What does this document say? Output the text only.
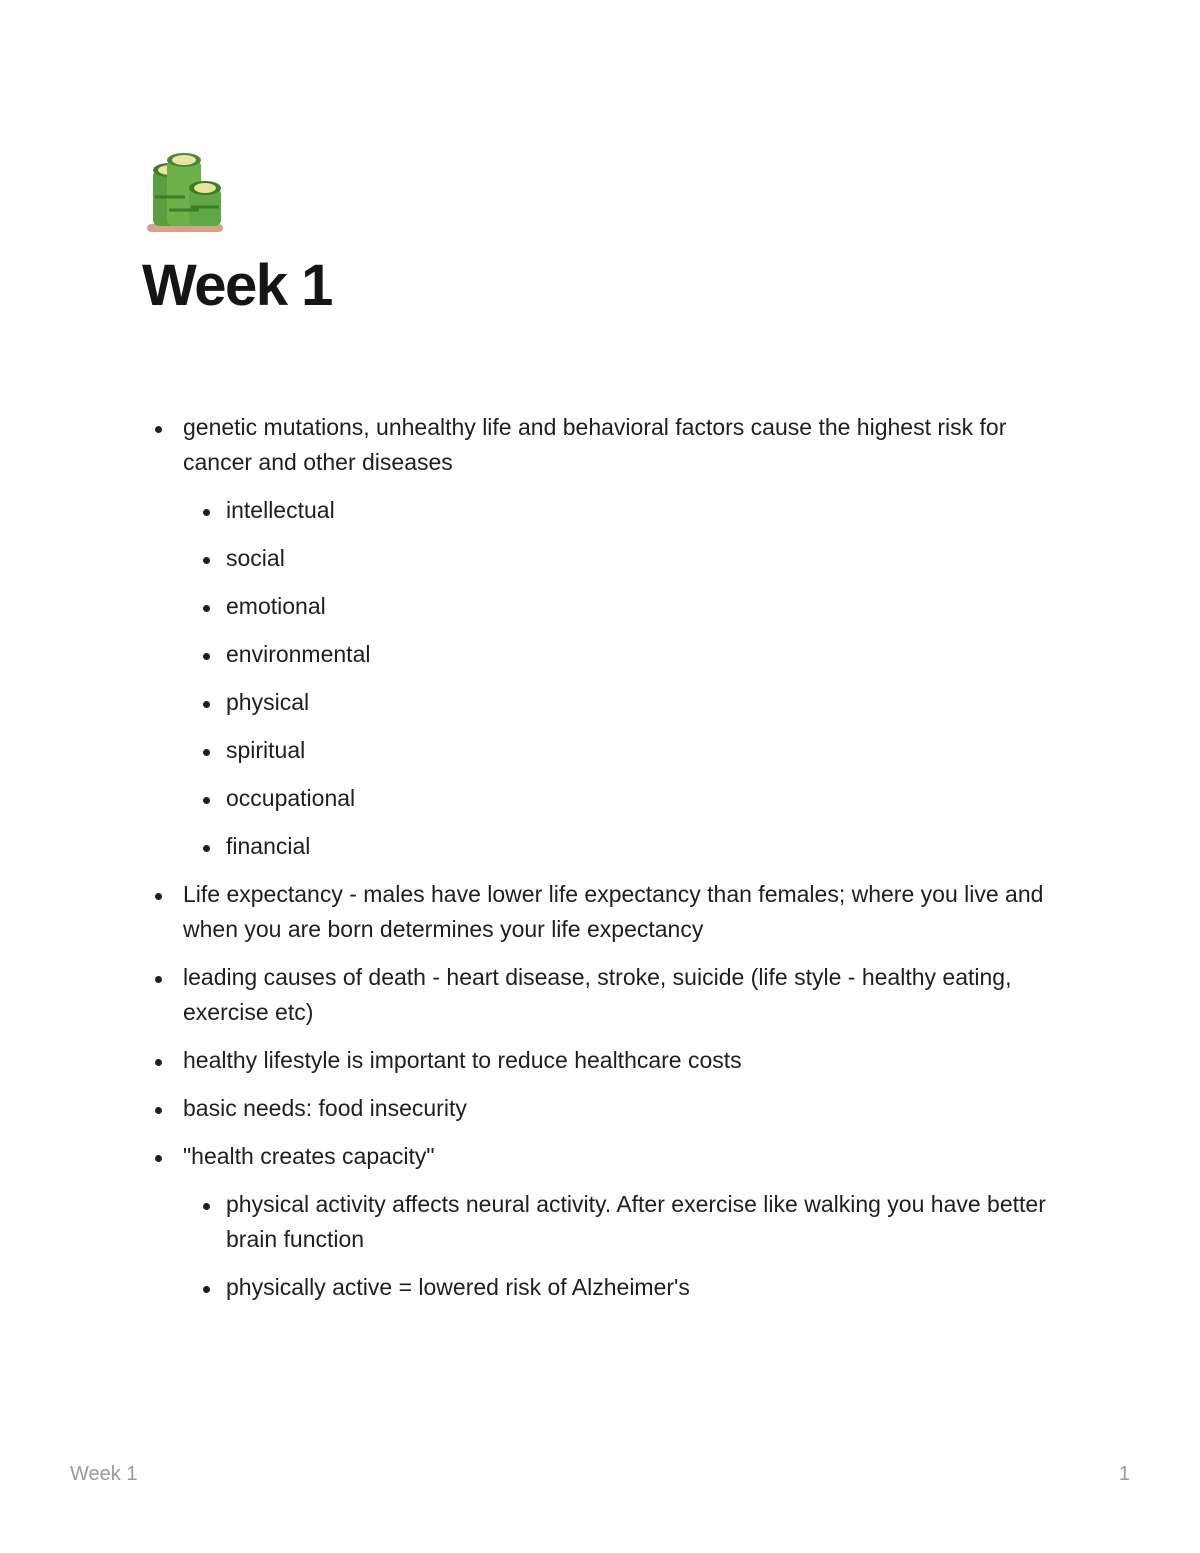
Week 1
genetic mutations, unhealthy life and behavioral factors cause the highest risk for cancer and other diseases
intellectual
social
emotional
environmental
physical
spiritual
occupational
financial
Life expectancy - males have lower life expectancy than females; where you live and when you are born determines your life expectancy
leading causes of death - heart disease, stroke, suicide (life style - healthy eating, exercise etc)
healthy lifestyle is important to reduce healthcare costs
basic needs: food insecurity
"health creates capacity"
physical activity affects neural activity. After exercise like walking you have better brain function
physically active = lowered risk of Alzheimer's
Week 1	1
